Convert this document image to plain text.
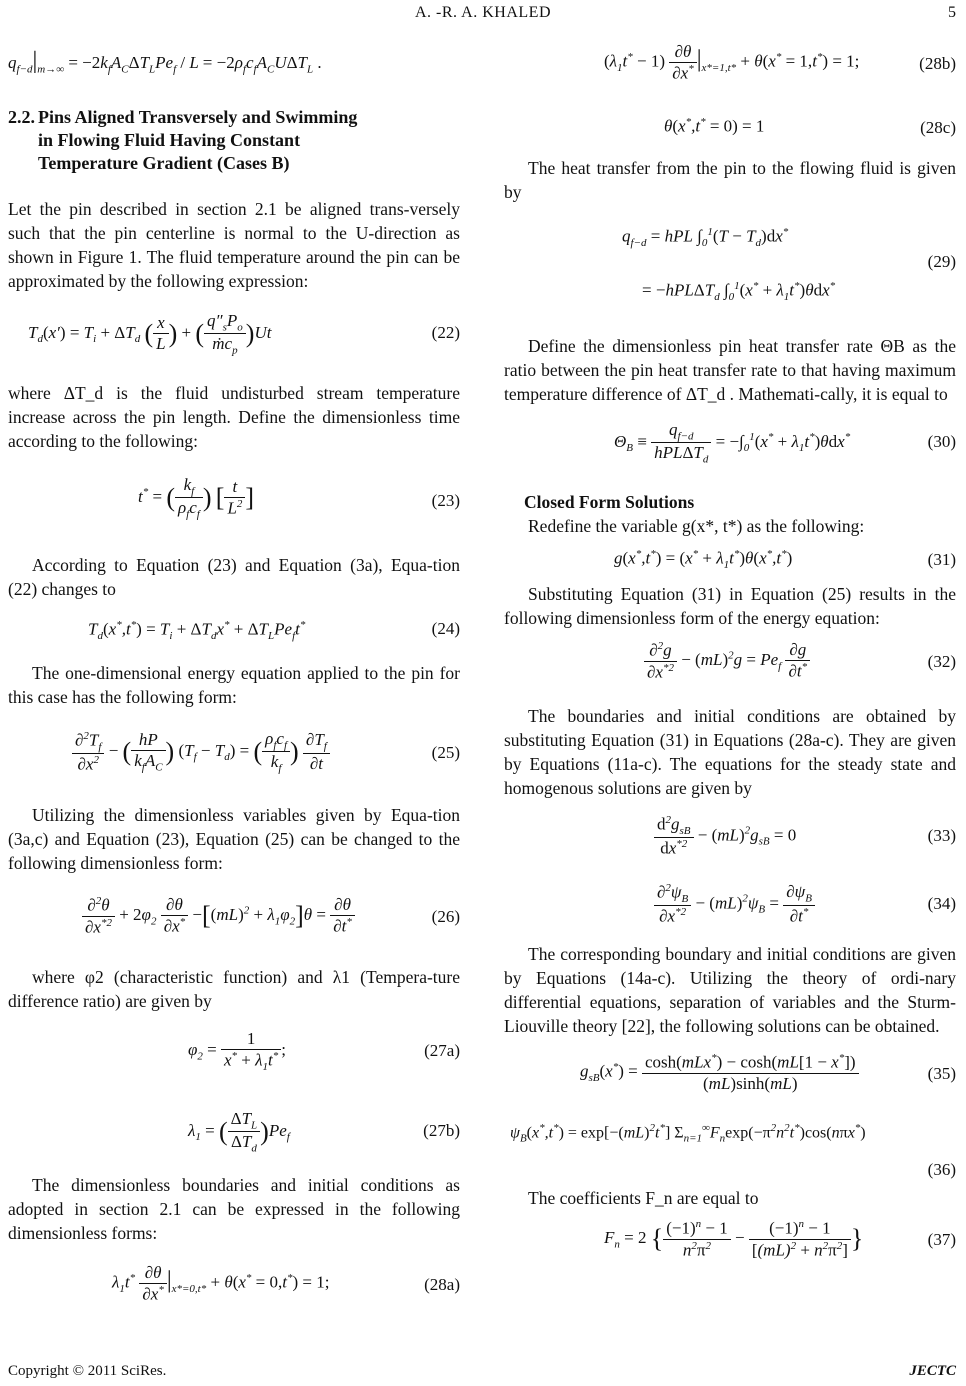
A. -R. A. KHALED	5
$q_{f-d}|_{m\to\infty} = -2k_fA_C\Delta T_LPe_f / L = -2\rho_fc_fA_CU\Delta T_L$ .
2.2. Pins Aligned Transversely and Swimming
in Flowing Fluid Having Constant
Temperature Gradient (Cases B)

Let the pin described in section 2.1 be aligned trans-versely such that the pin centerline is normal to the U-direction as shown in Figure 1. The fluid temperature around the pin can be approximated by the following expression:

$T_d(x') = T_i + \Delta T_d$ ( $\frac{x}{L}$ ) + ( $\frac{q''_sP_o}{ṁc_p} )Ut$	(22)

where ΔT_d is the fluid undisturbed stream temperature increase across the pin length. Define the dimensionless time according to the following:

t* = ( $\frac{k_f}{\rho_fc_f}$ ) [ $\frac{t}{L^2}$ ]	(23)

According to Equation (23) and Equation (3a), Equa-tion (22) changes to

$T_d(x^*,t^*) = T_i + \Delta T_dx^* + \Delta T_LPe_ft^*$	(24)

The one-dimensional energy equation applied to the pin for this case has the following form:

$\frac{\partial^2T_f}{\partial x^2}$ − ( $\frac{hP}{k_fA_C}$ ) $(T_f - T_d)$ = ( $\frac{\rho_fc_f}{k_f}$ ) $\frac{\partial T_f}{\partial t}$	(25)

Utilizing the dimensionless variables given by Equa-tion (3a,c) and Equation (23), Equation (25) can be changed to the following dimensionless form:

$\frac{\partial^2\theta}{\partial x^{*2}} + 2\varphi_2 \frac{\partial\theta}{\partial x^*} -[(mL)^2 + \lambda_1\varphi_2]\theta = \frac{\partial\theta}{\partial t^*}$	(26)

where φ2 (characteristic function) and λ1 (Tempera-ture difference ratio) are given by

$\varphi_2 = \frac{1}{x^* + \lambda_1t^*}$ ;	(27a)
$\lambda_1$ = ( $\frac{\Delta T_L}{\Delta T_d} )Pe_f$	(27b)

The dimensionless boundaries and initial conditions as adopted in section 2.1 can be expressed in the following dimensionless forms:

$\lambda_1t^* \frac{\partial\theta}{\partial x^*} |_{x*=0,t*} + \theta(x^* = 0,t^*) = 1$;	(28a)
$(\lambda_1t^* - 1) \frac{\partial\theta}{\partial x^*} |_{x*=1,t*} + \theta(x^* = 1,t^*) = 1$;	(28b)
θ(x*,t* = 0) = 1	(28c)

The heat transfer from the pin to the flowing fluid is given by

$q_{f-d}$ = hPL $\int_0^1(T - T_d)dx^*$
= −hPLΔT$_d$ $\int_0^1(x^* + \lambda_1t^*)\theta dx^*$
(29)

Define the dimensionless pin heat transfer rate ΘB as the ratio between the pin heat transfer rate to that having maximum temperature difference of ΔT_d . Mathemati-cally, it is equal to

$\Theta_B \equiv \frac{q_{f-d}}{hPL\Delta T_d} = -\int_0^1(x^* + \lambda_1t^*)\theta dx^*$	(30)

Closed Form Solutions

Redefine the variable g(x*, t*) as the following:

$g(x^*,t^*) = (x^* + \lambda_1t^*)\theta(x^*,t^*)$	(31)

Substituting Equation (31) in Equation (25) results in the following dimensionless form of the energy equation:

$\frac{\partial^2g}{\partial x^{*2}} - (mL)^2g = Pe_f \frac{\partial g}{\partial t^*}$	(32)

The boundaries and initial conditions are obtained by substituting Equation (31) in Equations (28a-c). They are given by Equations (11a-c). The equations for the steady state and homogenous solutions are given by

$\frac{d^2g_{sB}}{dx^{*2}} - (mL)^2g_{sB} = 0$	(33)
$\frac{\partial^2\psi_B}{\partial x^{*2}} - (mL)^2\psi_B = \frac{\partial\psi_B}{\partial t^*}$	(34)

The corresponding boundary and initial conditions are given by Equations (14a-c). Utilizing the theory of ordi-nary differential equations, separation of variables and the Sturm-Liouville theory [22], the following solutions can be obtained.

$g_{sB}(x^*) = \frac{\cosh(mLx^*) - \cosh(mL[1 - x^*])}{(mL)\sinh(mL)}$	(35)
$\psi_B(x^*,t^*) = \exp[-(mL)^2t^*]$ $\Sigma_{n=1}^\infty F_n\exp(-\pi^2n^2t^*)\cos(n\pi x^*)$
(36)

The coefficients F_n are equal to

$F_n = 2$ { $\frac{(-1)^n - 1}{n^2\pi^2} - \frac{(-1)^n - 1}{[(mL)^2 + n^2\pi^2]}$ }	(37)
Copyright © 2011 SciRes.	JECTC
